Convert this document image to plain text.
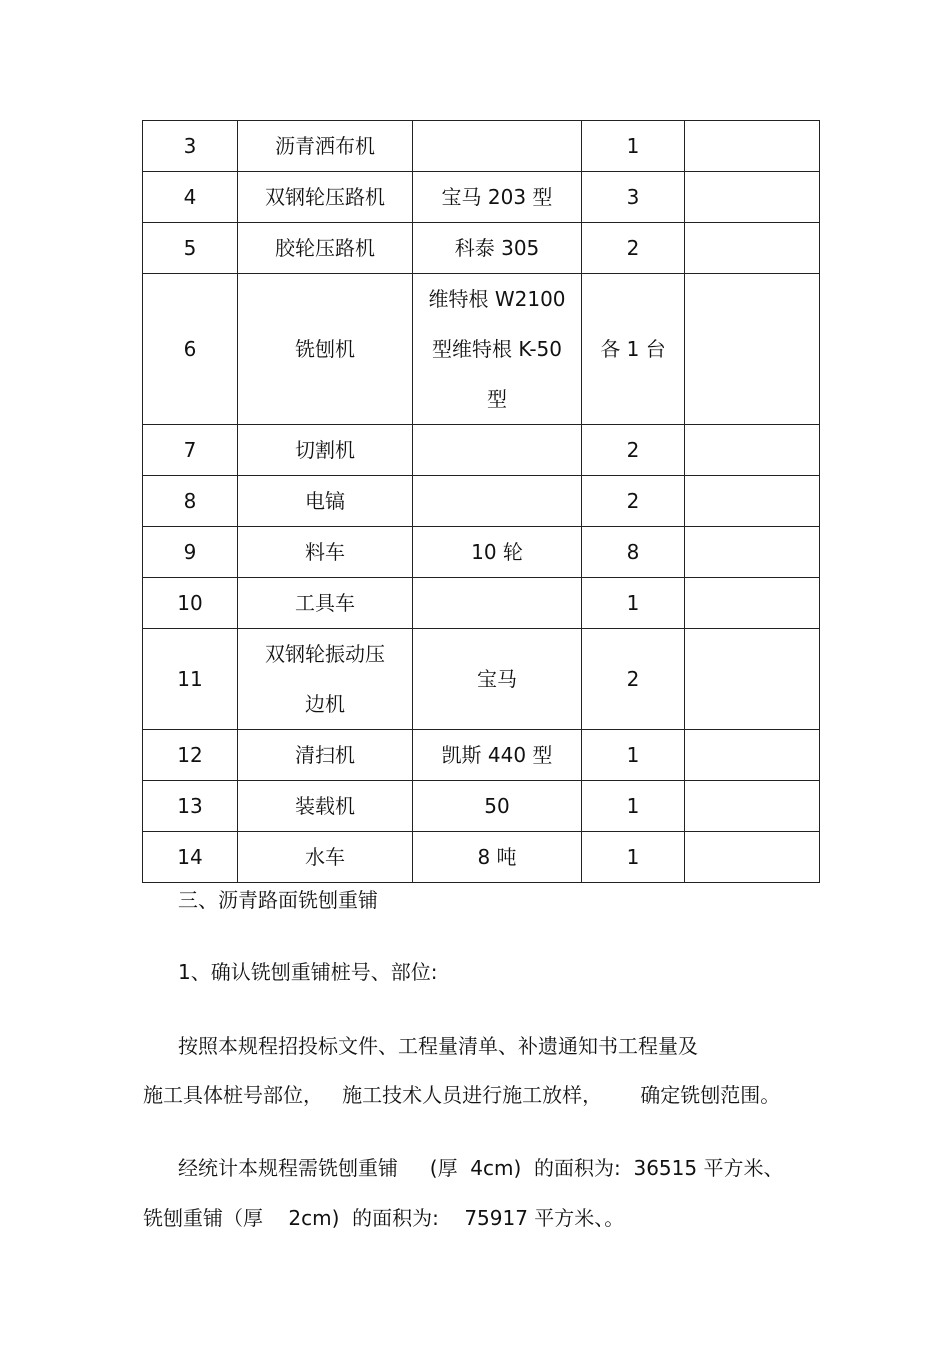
3	沥青洒布机		1	
4	双钢轮压路机	宝马 203 型	3	
5	胶轮压路机	科泰 305	2	
6	铣刨机	维特根 W2100
型维特根 K-50
型	各 1 台	
7	切割机		2	
8	电镐		2	
9	料车	10 轮	8	
10	工具车		1	
11	双钢轮振动压
边机	宝马	2	
12	清扫机	凯斯 440 型	1	
13	装载机	50	1	
14	水车	8 吨	1	

三、沥青路面铣刨重铺

1、确认铣刨重铺桩号、部位:

按照本规程招投标文件、工程量清单、补遗通知书工程量及

施工具体桩号部位，   施工技术人员进行施工放样，      确定铣刨范围。

经统计本规程需铣刨重铺     (厚  4cm)  的面积为:  36515 平方米、

铣刨重铺（厚    2cm)  的面积为:    75917 平方米、。
